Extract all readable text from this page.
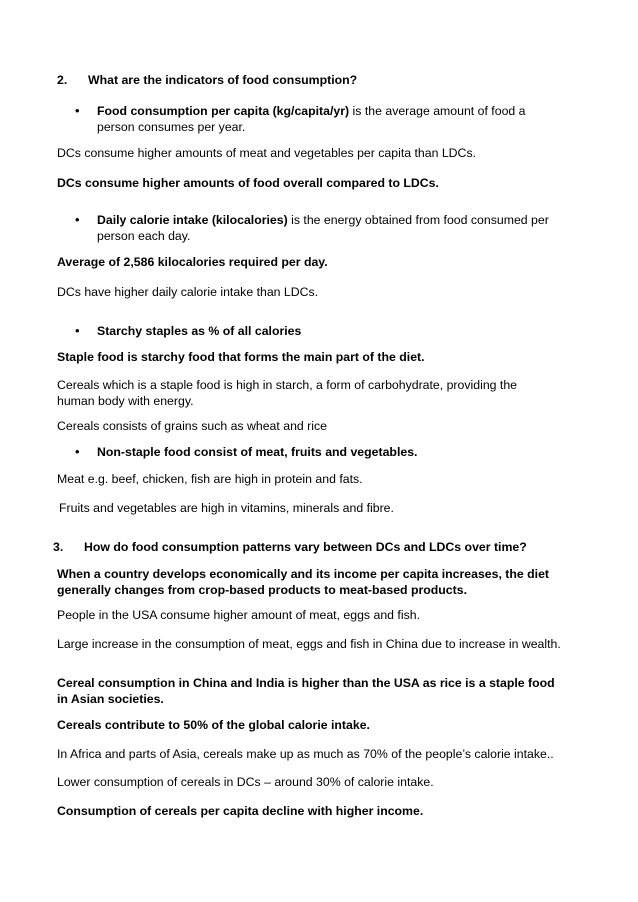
2. What are the indicators of food consumption?

•	Food consumption per capita (kg/capita/yr) is the average amount of food a person consumes per year.

DCs consume higher amounts of meat and vegetables per capita than LDCs.

DCs consume higher amounts of food overall compared to LDCs.

•	Daily calorie intake (kilocalories) is the energy obtained from food consumed per person each day.

Average of 2,586 kilocalories required per day.

DCs have higher daily calorie intake than LDCs.

•	Starchy staples as % of all calories

Staple food is starchy food that forms the main part of the diet.

Cereals which is a staple food is high in starch, a form of carbohydrate, providing the human body with energy.

Cereals consists of grains such as wheat and rice

•	Non-staple food consist of meat, fruits and vegetables.

Meat e.g. beef, chicken, fish are high in protein and fats.

Fruits and vegetables are high in vitamins, minerals and fibre.

3. How do food consumption patterns vary between DCs and LDCs over time?

When a country develops economically and its income per capita increases, the diet generally changes from crop-based products to meat-based products.

People in the USA consume higher amount of meat, eggs and fish.

Large increase in the consumption of meat, eggs and fish in China due to increase in wealth.

Cereal consumption in China and India is higher than the USA as rice is a staple food in Asian societies.

Cereals contribute to 50% of the global calorie intake.

In Africa and parts of Asia, cereals make up as much as 70% of the people’s calorie intake..

Lower consumption of cereals in DCs – around 30% of calorie intake.

Consumption of cereals per capita decline with higher income.
